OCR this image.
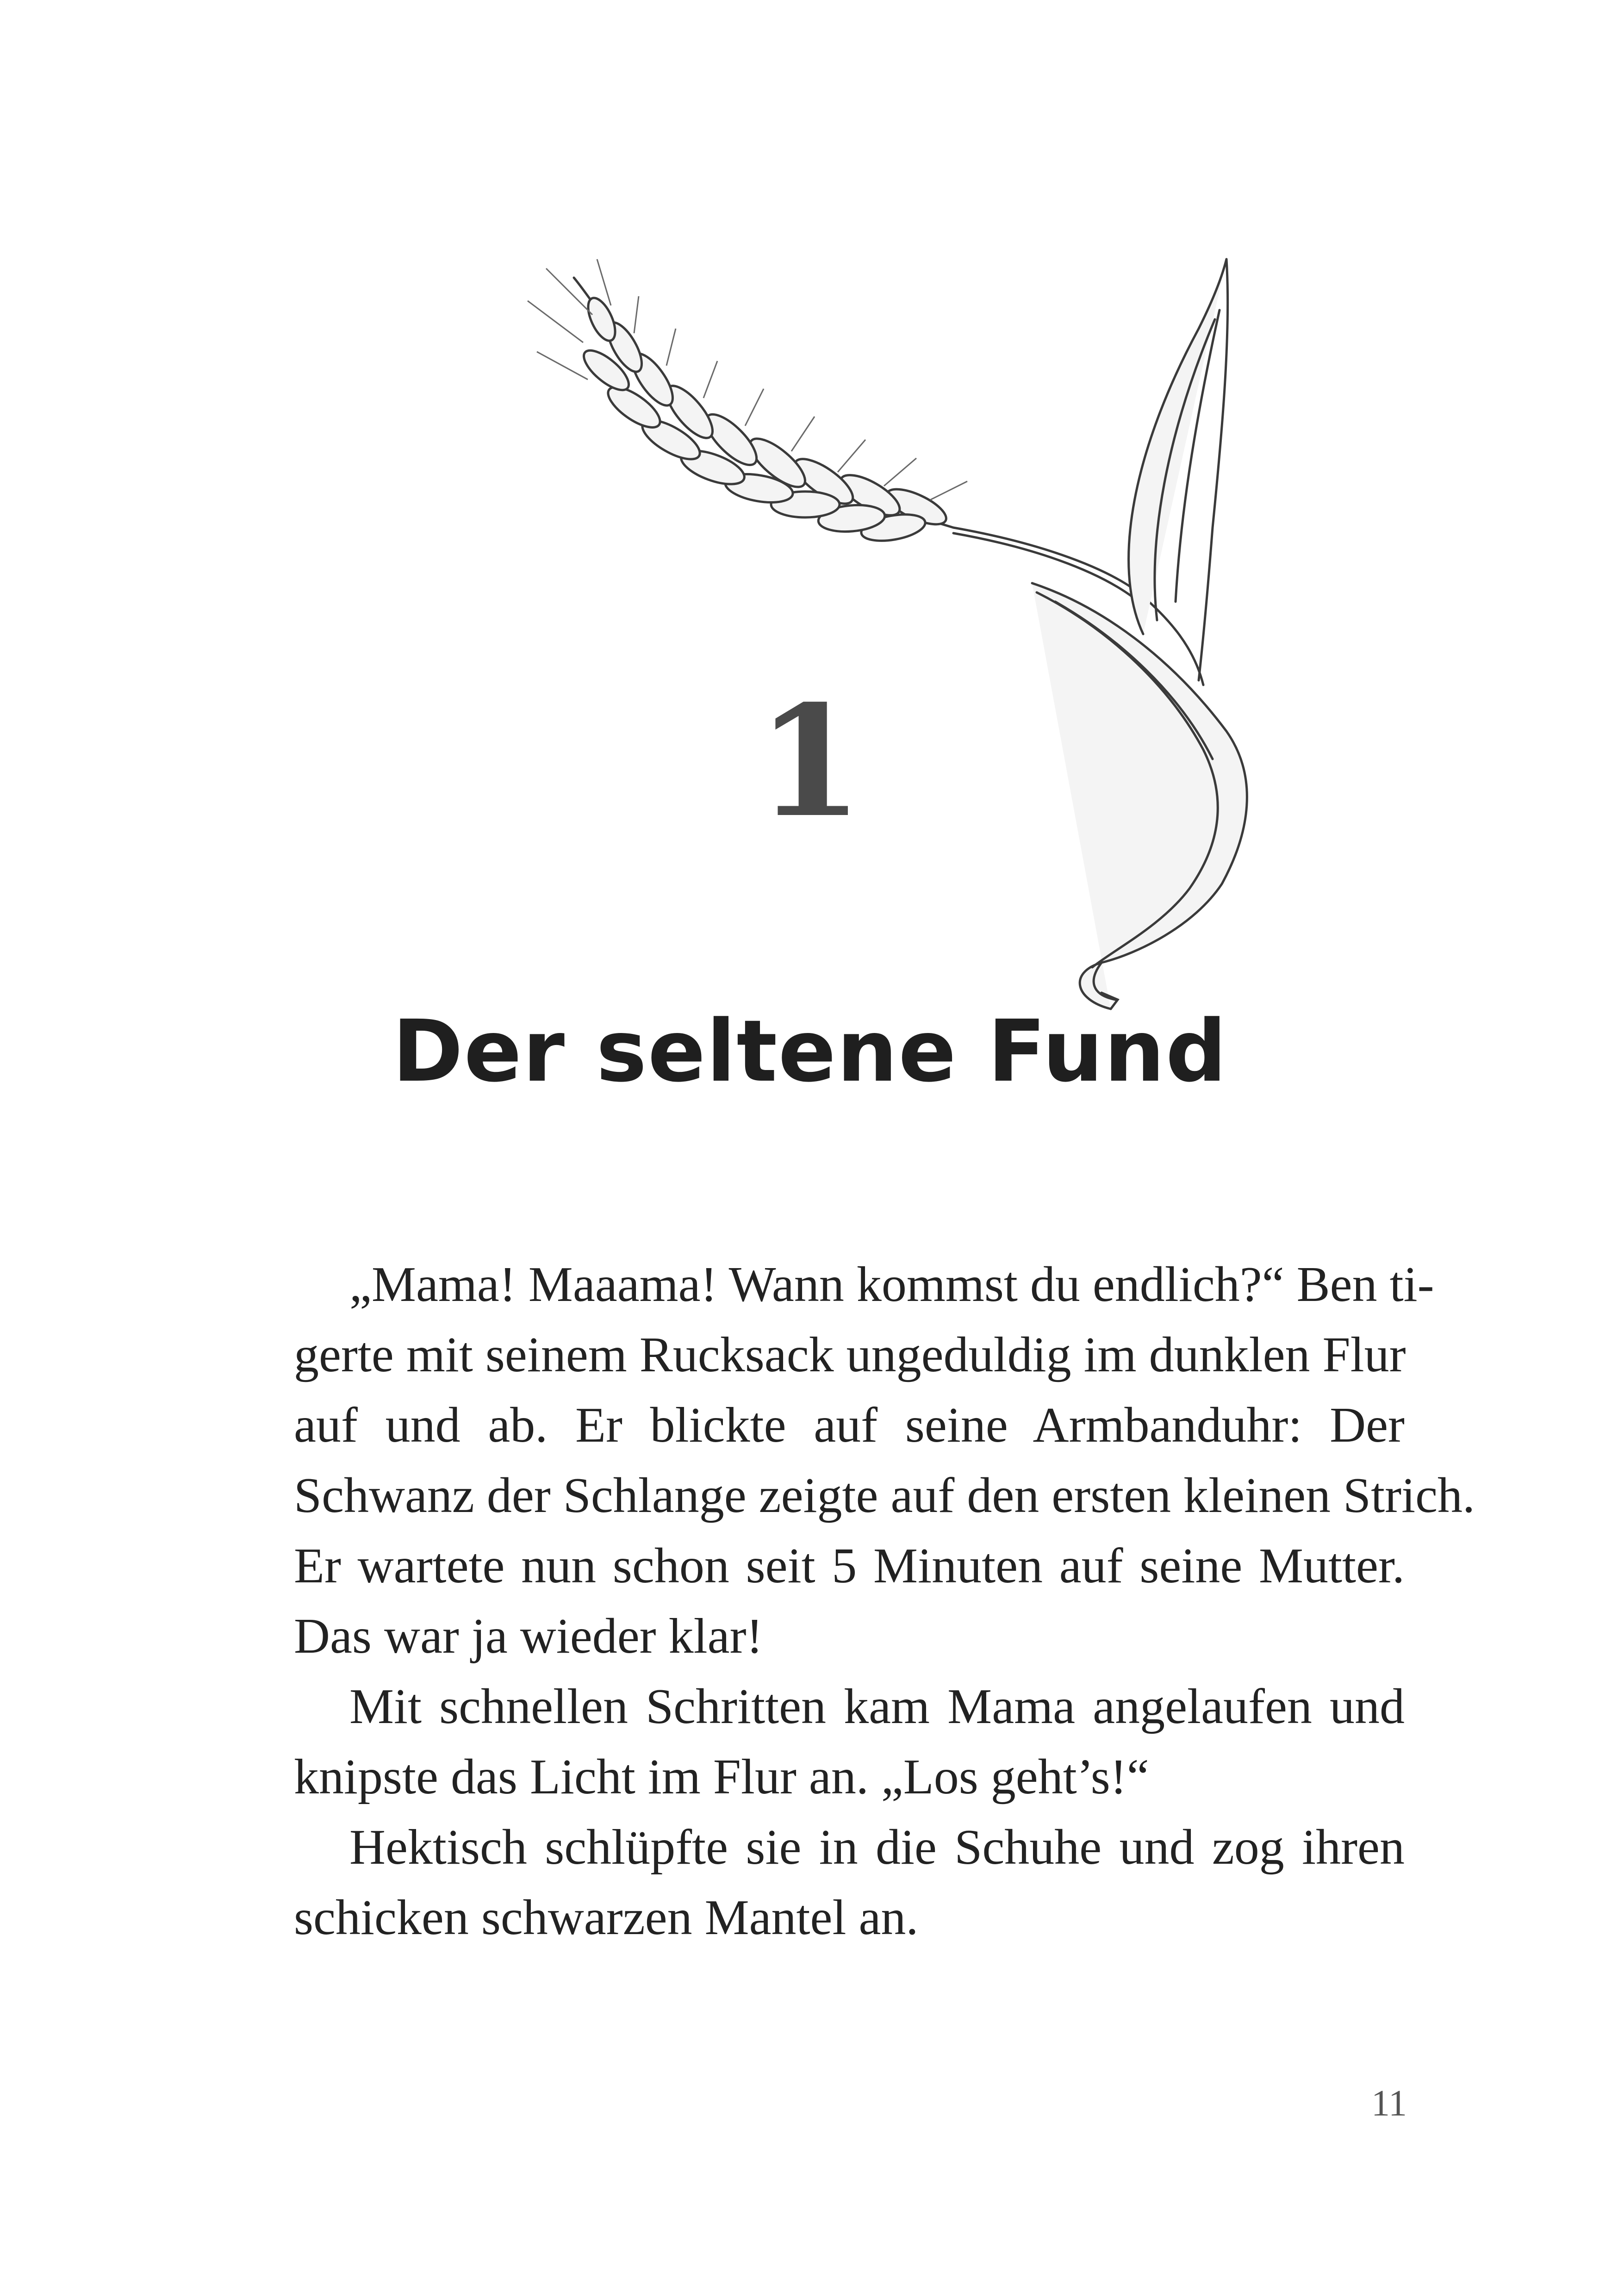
1
Der seltene Fund
„Mama! Maaama! Wann kommst du endlich?“ Ben ti-
gerte mit seinem Rucksack ungeduldig im dunklen Flur
auf und ab. Er blickte auf seine Armbanduhr: Der
Schwanz der Schlange zeigte auf den ersten kleinen Strich.
Er wartete nun schon seit 5 Minuten auf seine Mutter.
Das war ja wieder klar!
Mit schnellen Schritten kam Mama angelaufen und
knipste das Licht im Flur an. „Los geht’s!“
Hektisch schlüpfte sie in die Schuhe und zog ihren
schicken schwarzen Mantel an.
11
